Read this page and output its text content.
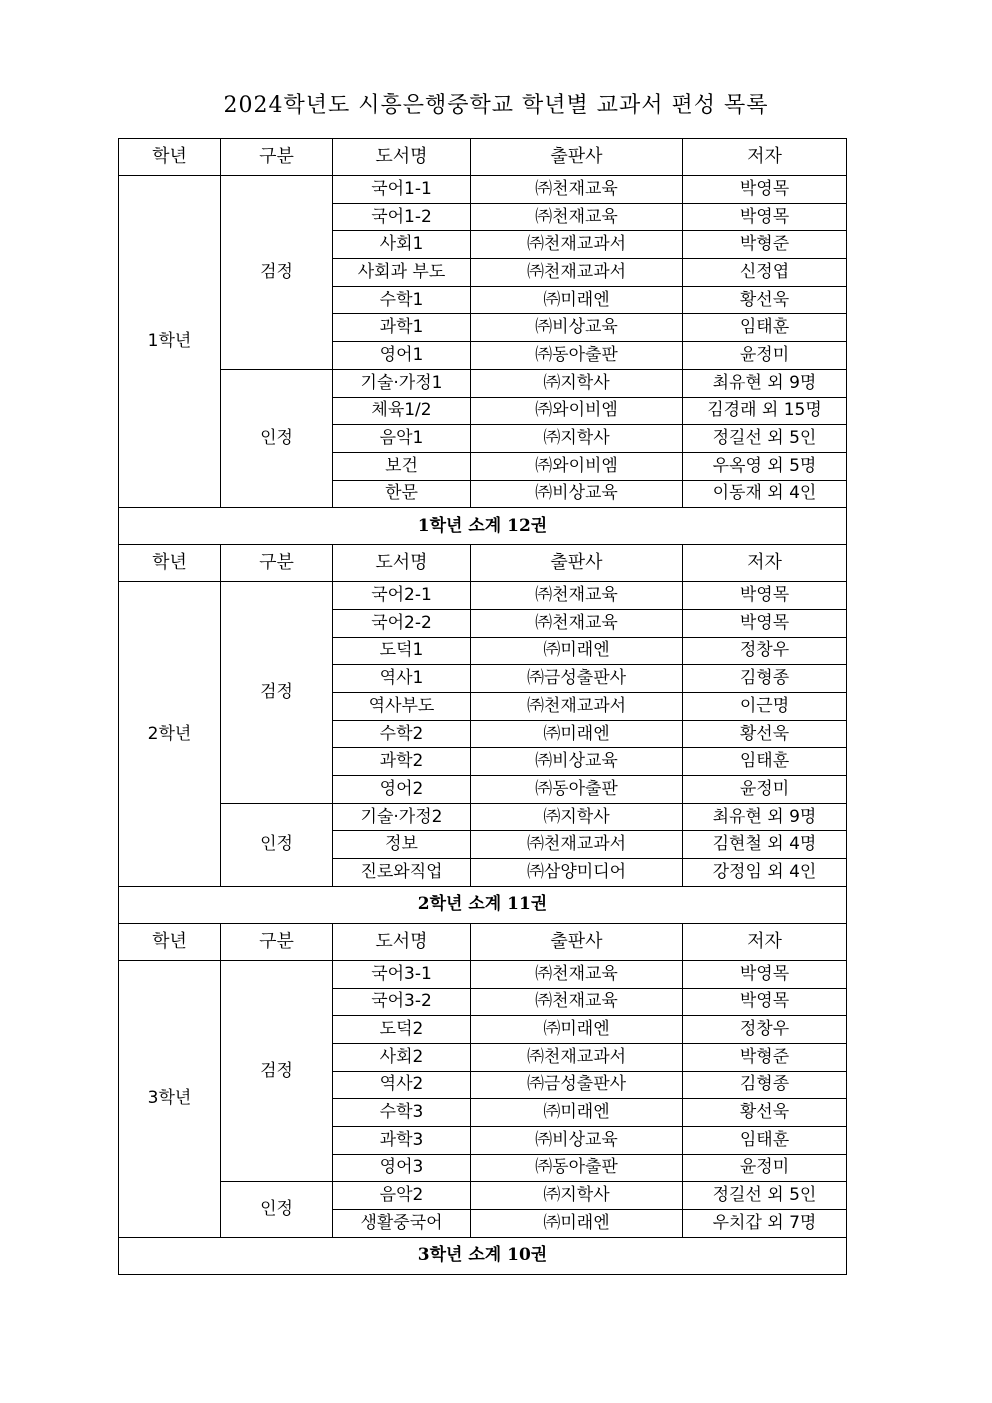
2024학년도 시흥은행중학교 학년별 교과서 편성 목록
학년	구분	도서명	출판사	저자
1학년	검정	국어1-1	㈜천재교육	박영목
		국어1-2	㈜천재교육	박영목
		사회1	㈜천재교과서	박형준
		사회과 부도	㈜천재교과서	신정엽
		수학1	㈜미래엔	황선욱
		과학1	㈜비상교육	임태훈
		영어1	㈜동아출판	윤정미
	인정	기술·가정1	㈜지학사	최유현 외 9명
		체육1/2	㈜와이비엠	김경래 외 15명
		음악1	㈜지학사	정길선 외 5인
		보건	㈜와이비엠	우옥영 외 5명
		한문	㈜비상교육	이동재 외 4인
1학년 소계 12권				
학년	구분	도서명	출판사	저자
2학년	검정	국어2-1	㈜천재교육	박영목
		국어2-2	㈜천재교육	박영목
		도덕1	㈜미래엔	정창우
		역사1	㈜금성출판사	김형종
		역사부도	㈜천재교과서	이근명
		수학2	㈜미래엔	황선욱
		과학2	㈜비상교육	임태훈
		영어2	㈜동아출판	윤정미
	인정	기술·가정2	㈜지학사	최유현 외 9명
		정보	㈜천재교과서	김현철 외 4명
		진로와직업	㈜삼양미디어	강정임 외 4인
2학년 소계 11권				
학년	구분	도서명	출판사	저자
3학년	검정	국어3-1	㈜천재교육	박영목
		국어3-2	㈜천재교육	박영목
		도덕2	㈜미래엔	정창우
		사회2	㈜천재교과서	박형준
		역사2	㈜금성출판사	김형종
		수학3	㈜미래엔	황선욱
		과학3	㈜비상교육	임태훈
		영어3	㈜동아출판	윤정미
	인정	음악2	㈜지학사	정길선 외 5인
		생활중국어	㈜미래엔	우치갑 외 7명
3학년 소계 10권				
